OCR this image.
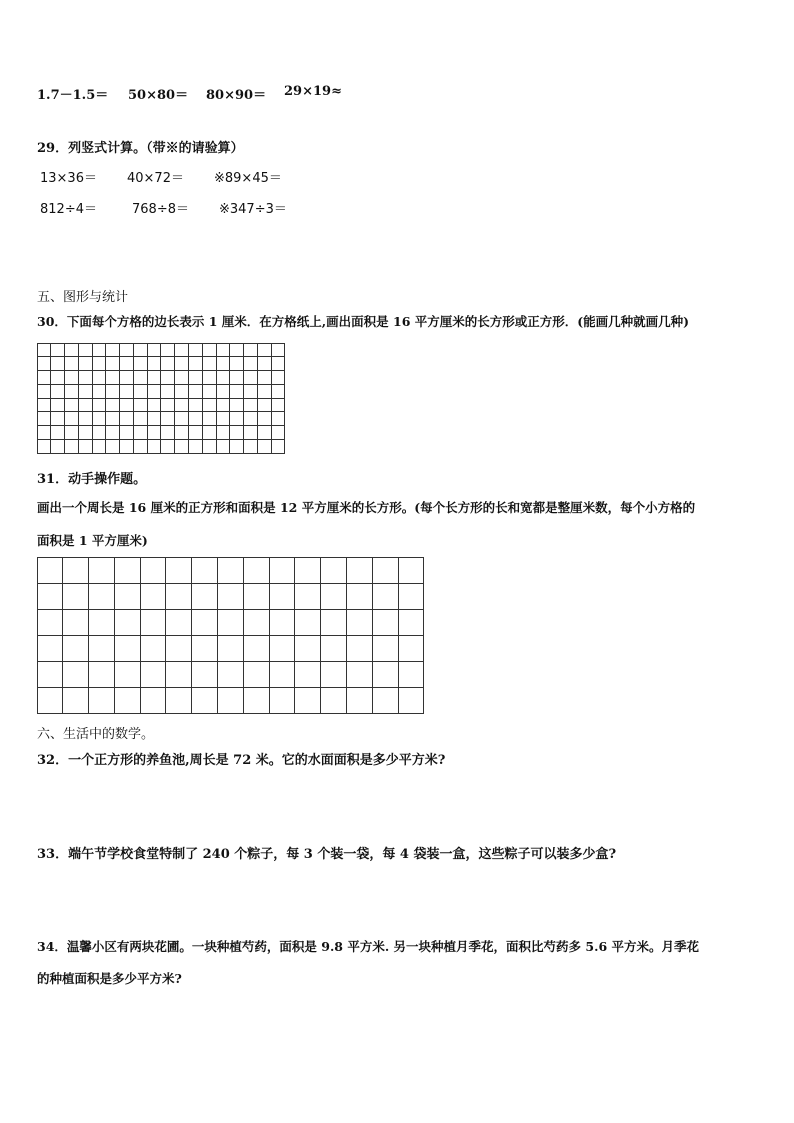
1.7－1.5＝ 50×80＝ 80×90＝ 29×19≈
29．列竖式计算。（带※的请验算）
13×36＝ 40×72＝ ※89×45＝
812÷4＝	768÷8＝ ※347÷3＝
五、图形与统计
30．下面每个方格的边长表示 1 厘米．在方格纸上,画出面积是 16 平方厘米的长方形或正方形．(能画几种就画几种)
31．动手操作题。
画出一个周长是 16 厘米的正方形和面积是 12 平方厘米的长方形。(每个长方形的长和宽都是整厘米数，每个小方格的
面积是 1 平方厘米)
六、生活中的数学。
32．一个正方形的养鱼池,周长是 72 米。它的水面面积是多少平方米?
33．端午节学校食堂特制了 240 个粽子，每 3 个装一袋，每 4 袋装一盒，这些粽子可以装多少盒?
34．温馨小区有两块花圃。一块种植芍药，面积是 9.8 平方米. 另一块种植月季花，面积比芍药多 5.6 平方米。月季花
的种植面积是多少平方米?
